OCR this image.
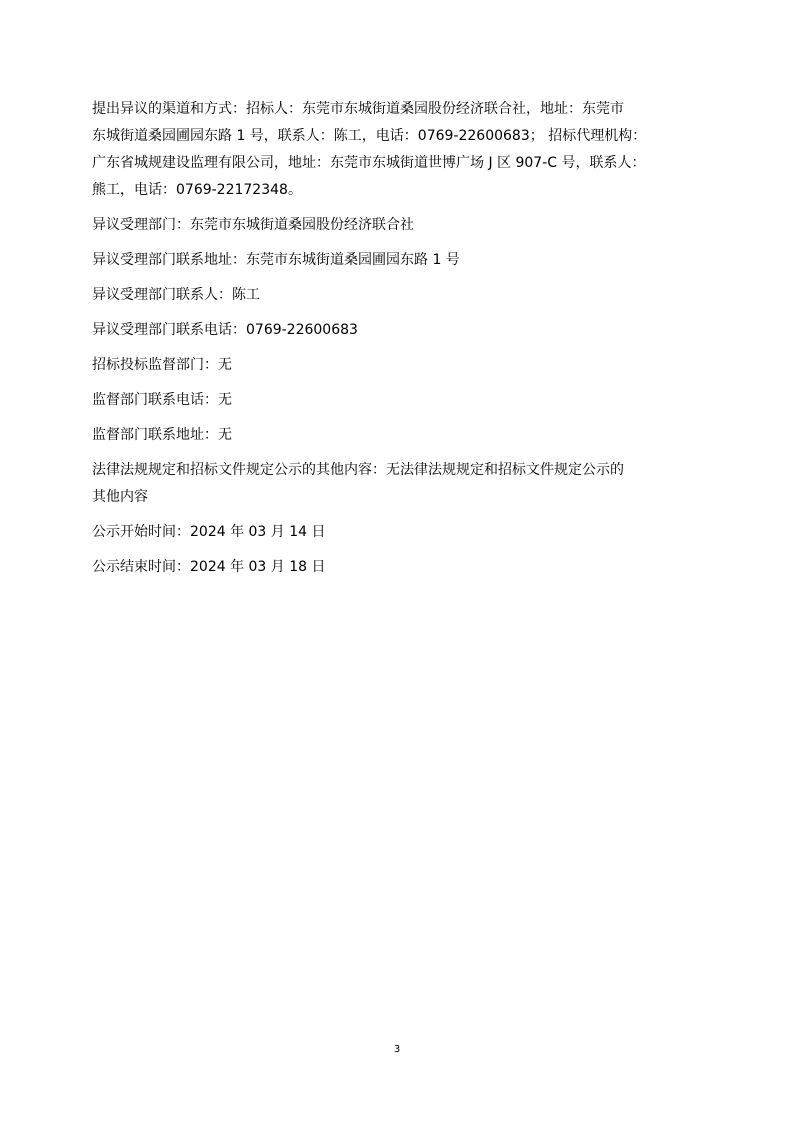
提出异议的渠道和方式：招标人：东莞市东城街道桑园股份经济联合社，地址：东莞市
东城街道桑园圃园东路 1 号，联系人：陈工，电话：0769-22600683； 招标代理机构：
广东省城规建设监理有限公司，地址：东莞市东城街道世博广场 J 区 907-C 号，联系人：
熊工，电话：0769-22172348。

异议受理部门：东莞市东城街道桑园股份经济联合社

异议受理部门联系地址：东莞市东城街道桑园圃园东路 1 号

异议受理部门联系人：陈工

异议受理部门联系电话：0769-22600683

招标投标监督部门：无

监督部门联系电话：无

监督部门联系地址：无

法律法规规定和招标文件规定公示的其他内容：无法律法规规定和招标文件规定公示的
其他内容

公示开始时间：2024 年 03 月 14 日

公示结束时间：2024 年 03 月 18 日

3
